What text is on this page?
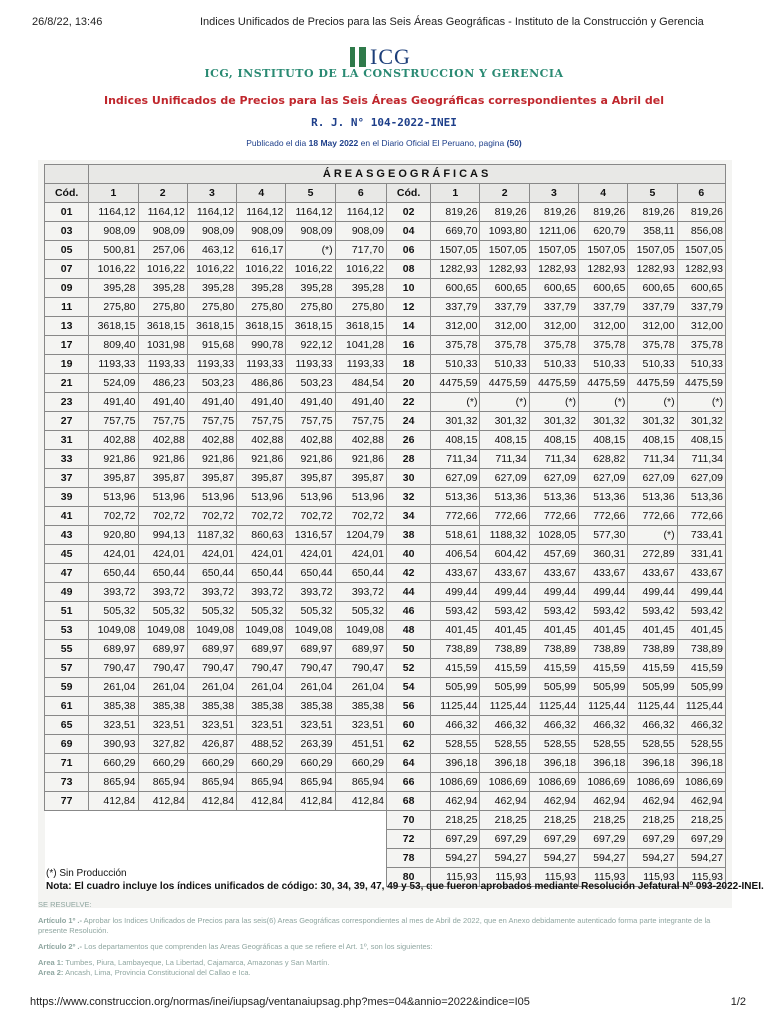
26/8/22, 13:46	Indices Unificados de Precios para las Seis Áreas Geográficas - Instituto de la Construcción y Gerencia
ICG
ICG, INSTITUTO DE LA CONSTRUCCION Y GERENCIA
Indices Unificados de Precios para las Seis Áreas Geográficas correspondientes a Abril del
R. J. N° 104-2022-INEI
Publicado el dia 18 May 2022 en el Diario Oficial El Peruano, pagina (50)
	ÁREASGEOGRÁFICAS												
Cód.	1	2	3	4	5	6	Cód.	1	2	3	4	5	6
01	1164,12	1164,12	1164,12	1164,12	1164,12	1164,12	02	819,26	819,26	819,26	819,26	819,26	819,26
03	908,09	908,09	908,09	908,09	908,09	908,09	04	669,70	1093,80	1211,06	620,79	358,11	856,08
05	500,81	257,06	463,12	616,17	(*)	717,70	06	1507,05	1507,05	1507,05	1507,05	1507,05	1507,05
07	1016,22	1016,22	1016,22	1016,22	1016,22	1016,22	08	1282,93	1282,93	1282,93	1282,93	1282,93	1282,93
09	395,28	395,28	395,28	395,28	395,28	395,28	10	600,65	600,65	600,65	600,65	600,65	600,65
11	275,80	275,80	275,80	275,80	275,80	275,80	12	337,79	337,79	337,79	337,79	337,79	337,79
13	3618,15	3618,15	3618,15	3618,15	3618,15	3618,15	14	312,00	312,00	312,00	312,00	312,00	312,00
17	809,40	1031,98	915,68	990,78	922,12	1041,28	16	375,78	375,78	375,78	375,78	375,78	375,78
19	1193,33	1193,33	1193,33	1193,33	1193,33	1193,33	18	510,33	510,33	510,33	510,33	510,33	510,33
21	524,09	486,23	503,23	486,86	503,23	484,54	20	4475,59	4475,59	4475,59	4475,59	4475,59	4475,59
23	491,40	491,40	491,40	491,40	491,40	491,40	22	(*)	(*)	(*)	(*)	(*)	(*)
27	757,75	757,75	757,75	757,75	757,75	757,75	24	301,32	301,32	301,32	301,32	301,32	301,32
31	402,88	402,88	402,88	402,88	402,88	402,88	26	408,15	408,15	408,15	408,15	408,15	408,15
33	921,86	921,86	921,86	921,86	921,86	921,86	28	711,34	711,34	711,34	628,82	711,34	711,34
37	395,87	395,87	395,87	395,87	395,87	395,87	30	627,09	627,09	627,09	627,09	627,09	627,09
39	513,96	513,96	513,96	513,96	513,96	513,96	32	513,36	513,36	513,36	513,36	513,36	513,36
41	702,72	702,72	702,72	702,72	702,72	702,72	34	772,66	772,66	772,66	772,66	772,66	772,66
43	920,80	994,13	1187,32	860,63	1316,57	1204,79	38	518,61	1188,32	1028,05	577,30	(*)	733,41
45	424,01	424,01	424,01	424,01	424,01	424,01	40	406,54	604,42	457,69	360,31	272,89	331,41
47	650,44	650,44	650,44	650,44	650,44	650,44	42	433,67	433,67	433,67	433,67	433,67	433,67
49	393,72	393,72	393,72	393,72	393,72	393,72	44	499,44	499,44	499,44	499,44	499,44	499,44
51	505,32	505,32	505,32	505,32	505,32	505,32	46	593,42	593,42	593,42	593,42	593,42	593,42
53	1049,08	1049,08	1049,08	1049,08	1049,08	1049,08	48	401,45	401,45	401,45	401,45	401,45	401,45
55	689,97	689,97	689,97	689,97	689,97	689,97	50	738,89	738,89	738,89	738,89	738,89	738,89
57	790,47	790,47	790,47	790,47	790,47	790,47	52	415,59	415,59	415,59	415,59	415,59	415,59
59	261,04	261,04	261,04	261,04	261,04	261,04	54	505,99	505,99	505,99	505,99	505,99	505,99
61	385,38	385,38	385,38	385,38	385,38	385,38	56	1125,44	1125,44	1125,44	1125,44	1125,44	1125,44
65	323,51	323,51	323,51	323,51	323,51	323,51	60	466,32	466,32	466,32	466,32	466,32	466,32
69	390,93	327,82	426,87	488,52	263,39	451,51	62	528,55	528,55	528,55	528,55	528,55	528,55
71	660,29	660,29	660,29	660,29	660,29	660,29	64	396,18	396,18	396,18	396,18	396,18	396,18
73	865,94	865,94	865,94	865,94	865,94	865,94	66	1086,69	1086,69	1086,69	1086,69	1086,69	1086,69
77	412,84	412,84	412,84	412,84	412,84	412,84	68	462,94	462,94	462,94	462,94	462,94	462,94
							70	218,25	218,25	218,25	218,25	218,25	218,25
							72	697,29	697,29	697,29	697,29	697,29	697,29
							78	594,27	594,27	594,27	594,27	594,27	594,27
							80	115,93	115,93	115,93	115,93	115,93	115,93
(*) Sin Producción
Nota: El cuadro incluye los índices unificados de código: 30, 34, 39, 47, 49 y 53, que fueron aprobados mediante Resolución Jefatural Nº 093-2022-INEI.

SE RESUELVE:

Artículo 1º .- Aprobar los Indices Unificados de Precios para las seis(6) Areas Geográficas correspondientes al mes de Abril de 2022, que en Anexo debidamente autenticado forma parte integrante de la presente Resolución.

Artículo 2º .- Los departamentos que comprenden las Areas Geográficas a que se refiere el Art. 1º, son los siguientes:

Area 1: Tumbes, Piura, Lambayeque, La Libertad, Cajamarca, Amazonas y San Martín.
Area 2: Ancash, Lima, Provincia Constitucional del Callao e Ica.
https://www.construccion.org/normas/inei/iupsag/ventanaiupsag.php?mes=04&annio=2022&indice=I05	1/2
